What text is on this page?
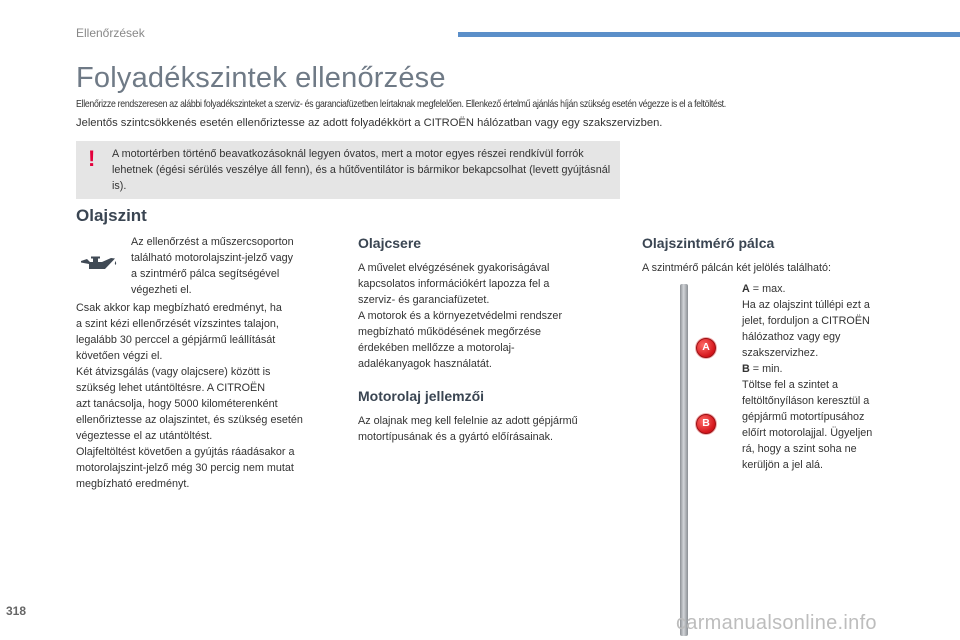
Ellenőrzések
Folyadékszintek ellenőrzése
Ellenőrizze rendszeresen az alábbi folyadékszinteket a szerviz- és garanciafüzetben leírtaknak megfelelően. Ellenkező értelmű ajánlás híján szükség esetén végezze is el a feltöltést.
Jelentős szintcsökkenés esetén ellenőriztesse az adott folyadékkört a CITROËN hálózatban vagy egy szakszervizben.
! A motortérben történő beavatkozásoknál legyen óvatos, mert a motor egyes részei rendkívül forrók lehetnek (égési sérülés veszélye áll fenn), és a hűtőventilátor is bármikor bekapcsolhat (levett gyújtásnál is).
Olajszint
Az ellenőrzést a műszercsoporton
található motorolajszint-jelző vagy
a szintmérő pálca segítségével
végezheti el.
Csak akkor kap megbízható eredményt, ha
a szint kézi ellenőrzését vízszintes talajon,
legalább 30 perccel a gépjármű leállítását
követően végzi el.
Két átvizsgálás (vagy olajcsere) között is
szükség lehet utántöltésre. A CITROËN
azt tanácsolja, hogy 5000 kilométerenként
ellenőriztesse az olajszintet, és szükség esetén
végeztesse el az utántöltést.
Olajfeltöltést követően a gyújtás ráadásakor a
motorolajszint-jelző még 30 percig nem mutat
megbízható eredményt.
Olajcsere
A művelet elvégzésének gyakoriságával
kapcsolatos információkért lapozza fel a
szerviz- és garanciafüzetet.
A motorok és a környezetvédelmi rendszer
megbízható működésének megőrzése
érdekében mellőzze a motorolaj-
adalékanyagok használatát.
Motorolaj jellemzői
Az olajnak meg kell felelnie az adott gépjármű
motortípusának és a gyártó előírásainak.
Olajszintmérő pálca
A szintmérő pálcán két jelölés található:
A
B
A = max.
Ha az olajszint túllépi ezt a
jelet, forduljon a CITROËN
hálózathoz vagy egy
szakszervizhez.
B = min.
Töltse fel a szintet a
feltöltőnyíláson keresztül a
gépjármű motortípusához
előírt motorolajjal. Ügyeljen
rá, hogy a szint soha ne
kerüljön a jel alá.
318
carmanualsonline.info
